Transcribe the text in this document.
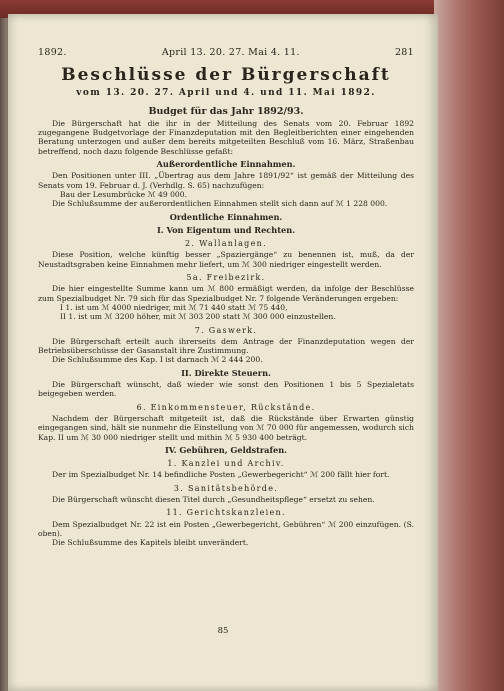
1892.	April 13. 20. 27. Mai 4. 11.	281
Beschlüsse der Bürgerschaft
vom 13. 20. 27. April und 4. und 11. Mai 1892.
Budget für das Jahr 1892/93.

Die Bürgerschaft hat die ihr in der Mitteilung des Senats vom 20. Februar 1892 zugegangene Budgetvorlage der Finanzdeputation mit den Begleitberichten einer eingehenden Beratung unterzogen und außer dem bereits mitgeteilten Beschluß vom 16. März, Straßenbau betreffend, noch dazu folgende Beschlüsse gefaßt:

Außerordentliche Einnahmen.

Den Positionen unter III. „Übertrag aus dem Jahre 1891/92“ ist gemäß der Mitteilung des Senats vom 19. Februar d. J. (Verhdlg. S. 65) nachzufügen:

Bau der Lesumbrücke ℳ 49 000.

Die Schlußsumme der außerordentlichen Einnahmen stellt sich dann auf ℳ 1 228 000.

Ordentliche Einnahmen.
I. Von Eigentum und Rechten.
2. Wallanlagen.

Diese Position, welche künftig besser „Spaziergänge“ zu benennen ist, muß, da der Neustadtsgraben keine Einnahmen mehr liefert, um ℳ 300 niedriger eingestellt werden.

5a. Freibezirk.

Die hier eingestellte Summe kann um ℳ 800 ermäßigt werden, da infolge der Beschlüsse zum Spezialbudget Nr. 79 sich für das Spezialbudget Nr. 7 folgende Veränderungen ergeben:

I 1. ist um ℳ 4000 niedriger, mit ℳ 71 440 statt ℳ 75 440,

II 1. ist um ℳ 3200 höher, mit ℳ 303 200 statt ℳ 300 000 einzustellen.

7. Gaswerk.

Die Bürgerschaft erteilt auch ihrerseits dem Antrage der Finanzdeputation wegen der Betriebsüberschüsse der Gasanstalt ihre Zustimmung.

Die Schlußsumme des Kap. I ist darnach ℳ 2 444 200.

II. Direkte Steuern.

Die Bürgerschaft wünscht, daß wieder wie sonst den Positionen 1 bis 5 Spezialetats beigegeben werden.

6. Einkommensteuer, Rückstände.

Nachdem der Bürgerschaft mitgeteilt ist, daß die Rückstände über Erwarten günstig eingegangen sind, hält sie nunmehr die Einstellung von ℳ 70 000 für angemessen, wodurch sich Kap. II um ℳ 30 000 niedriger stellt und mithin ℳ 5 930 400 beträgt.

IV. Gebühren, Geldstrafen.
1. Kanzlei und Archiv.

Der im Spezialbudget Nr. 14 befindliche Posten „Gewerbegericht“ ℳ 200 fällt hier fort.

3. Sanitätsbehörde.

Die Bürgerschaft wünscht diesen Titel durch „Gesundheitspflege“ ersetzt zu sehen.

11. Gerichtskanzleien.

Dem Spezialbudget Nr. 22 ist ein Posten „Gewerbegericht, Gebühren“ ℳ 200 einzufügen. (S. oben).

Die Schlußsumme des Kapitels bleibt unverändert.

85
